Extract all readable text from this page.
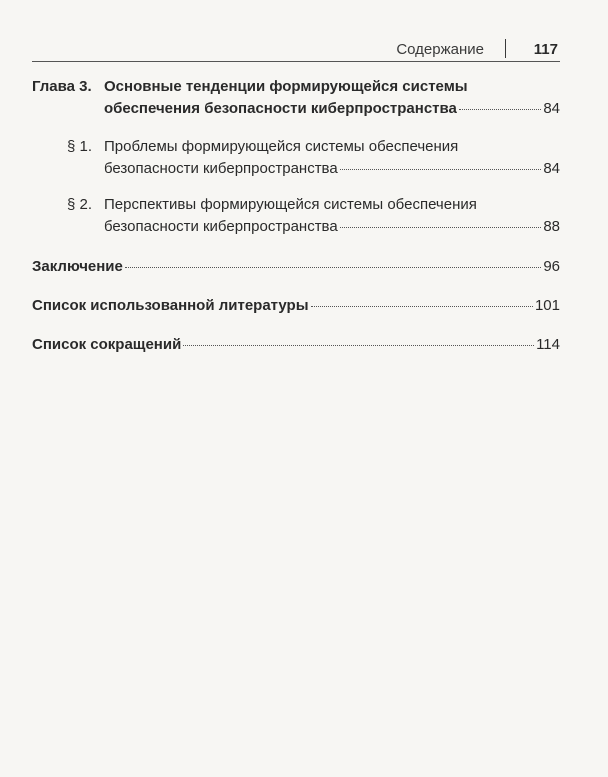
Содержание	117
Глава 3. Основные тенденции формирующейся системы
обеспечения безопасности киберпространства	84
§ 1. Проблемы формирующейся системы обеспечения
безопасности киберпространства	84
§ 2. Перспективы формирующейся системы обеспечения
безопасности киберпространства	88
Заключение	96
Список использованной литературы	101
Список сокращений	114
